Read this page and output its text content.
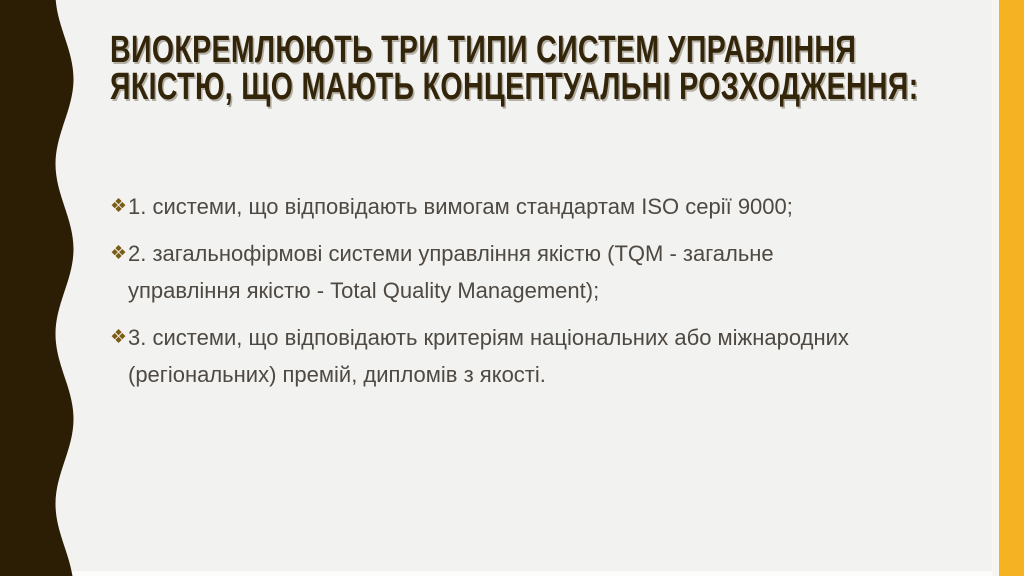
ВИОКРЕМЛЮЮТЬ ТРИ ТИПИ СИСТЕМ УПРАВЛІННЯ
ЯКІСТЮ, ЩО МАЮТЬ КОНЦЕПТУАЛЬНІ РОЗХОДЖЕННЯ:
❖ 1. системи, що відповідають вимогам стандартам ISO серії 9000;
❖ 2. загальнофірмові системи управління якістю (TQM - загальне
управління якістю - Total Quality Management);
❖ 3. системи, що відповідають критеріям національних або міжнародних
(регіональних) премій, дипломів з якості.
